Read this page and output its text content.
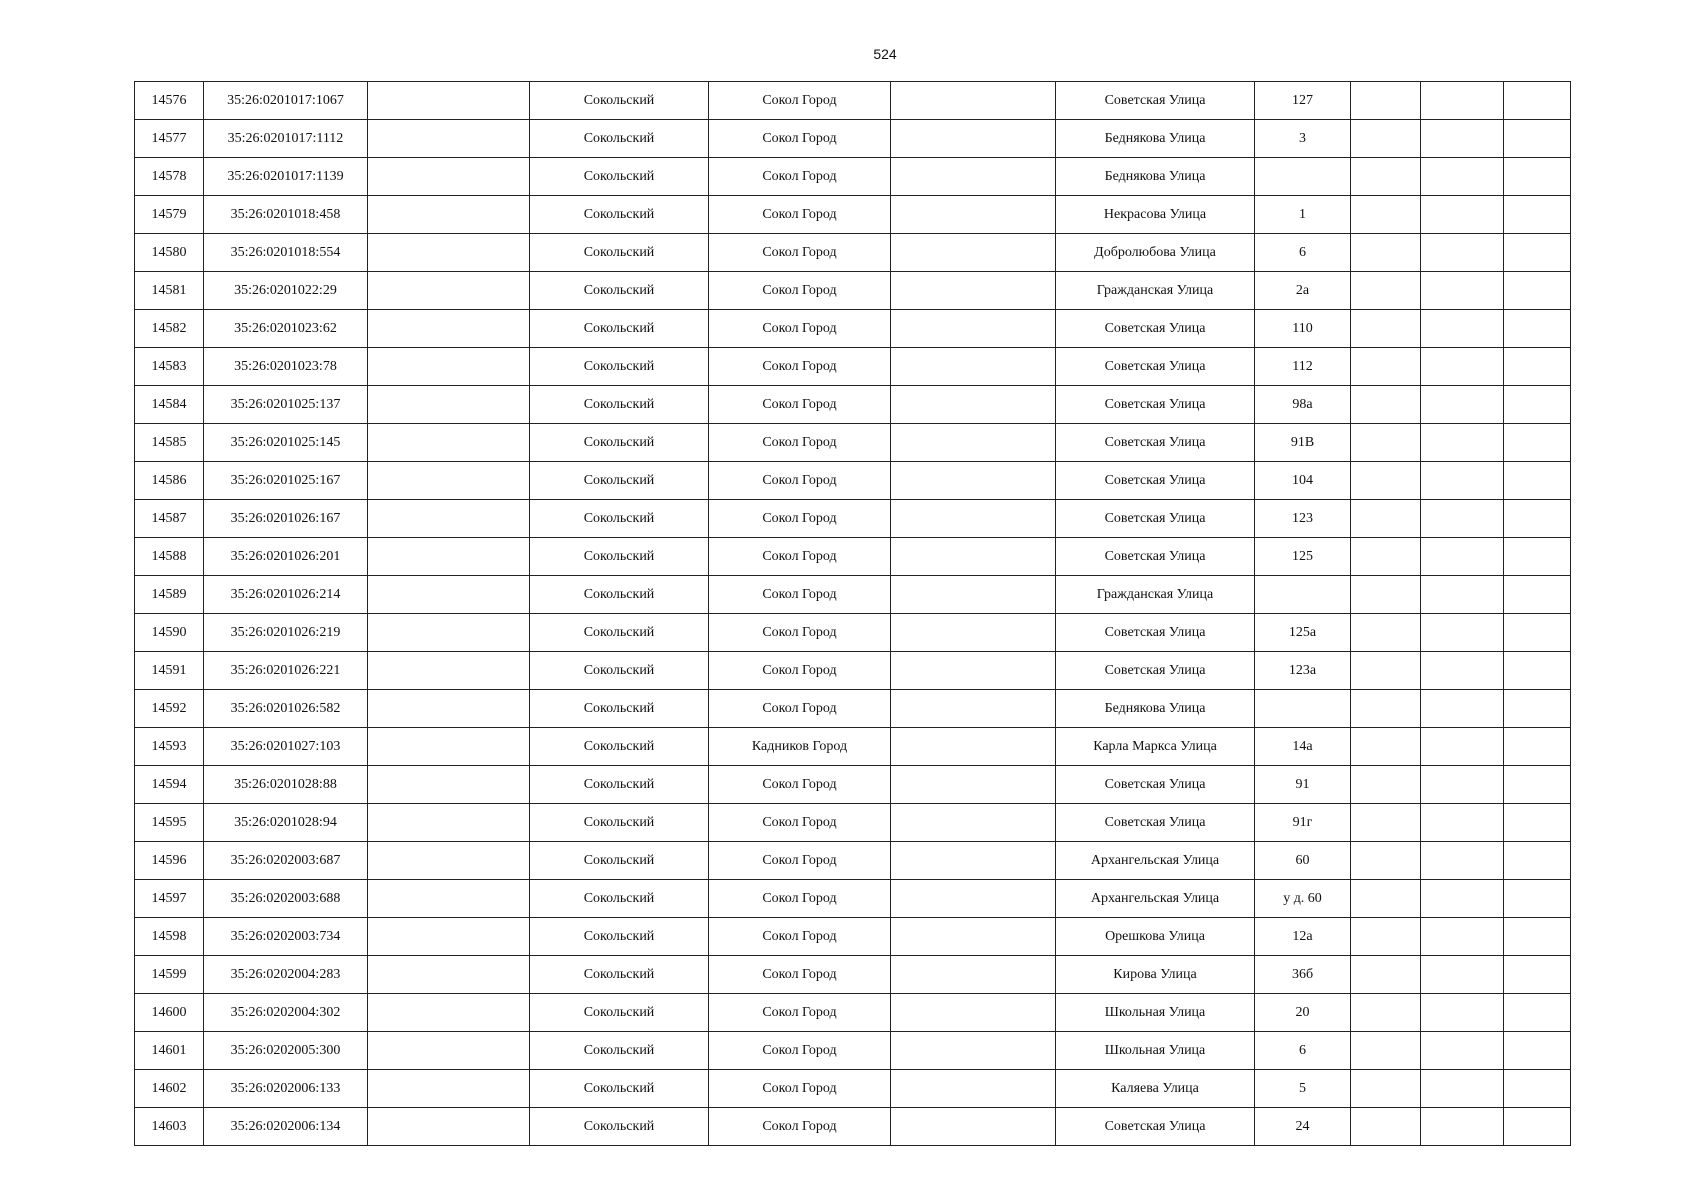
524
14576	35:26:0201017:1067		Сокольский	Сокол Город		Советская Улица	127			
14577	35:26:0201017:1112		Сокольский	Сокол Город		Беднякова Улица	3			
14578	35:26:0201017:1139		Сокольский	Сокол Город		Беднякова Улица				
14579	35:26:0201018:458		Сокольский	Сокол Город		Некрасова Улица	1			
14580	35:26:0201018:554		Сокольский	Сокол Город		Добролюбова Улица	6			
14581	35:26:0201022:29		Сокольский	Сокол Город		Гражданская Улица	2а			
14582	35:26:0201023:62		Сокольский	Сокол Город		Советская Улица	110			
14583	35:26:0201023:78		Сокольский	Сокол Город		Советская Улица	112			
14584	35:26:0201025:137		Сокольский	Сокол Город		Советская Улица	98а			
14585	35:26:0201025:145		Сокольский	Сокол Город		Советская Улица	91В			
14586	35:26:0201025:167		Сокольский	Сокол Город		Советская Улица	104			
14587	35:26:0201026:167		Сокольский	Сокол Город		Советская Улица	123			
14588	35:26:0201026:201		Сокольский	Сокол Город		Советская Улица	125			
14589	35:26:0201026:214		Сокольский	Сокол Город		Гражданская Улица				
14590	35:26:0201026:219		Сокольский	Сокол Город		Советская Улица	125а			
14591	35:26:0201026:221		Сокольский	Сокол Город		Советская Улица	123а			
14592	35:26:0201026:582		Сокольский	Сокол Город		Беднякова Улица				
14593	35:26:0201027:103		Сокольский	Кадников Город		Карла Маркса Улица	14а			
14594	35:26:0201028:88		Сокольский	Сокол Город		Советская Улица	91			
14595	35:26:0201028:94		Сокольский	Сокол Город		Советская Улица	91г			
14596	35:26:0202003:687		Сокольский	Сокол Город		Архангельская Улица	60			
14597	35:26:0202003:688		Сокольский	Сокол Город		Архангельская Улица	у д. 60			
14598	35:26:0202003:734		Сокольский	Сокол Город		Орешкова Улица	12а			
14599	35:26:0202004:283		Сокольский	Сокол Город		Кирова Улица	36б			
14600	35:26:0202004:302		Сокольский	Сокол Город		Школьная Улица	20			
14601	35:26:0202005:300		Сокольский	Сокол Город		Школьная Улица	6			
14602	35:26:0202006:133		Сокольский	Сокол Город		Каляева Улица	5			
14603	35:26:0202006:134		Сокольский	Сокол Город		Советская Улица	24			
